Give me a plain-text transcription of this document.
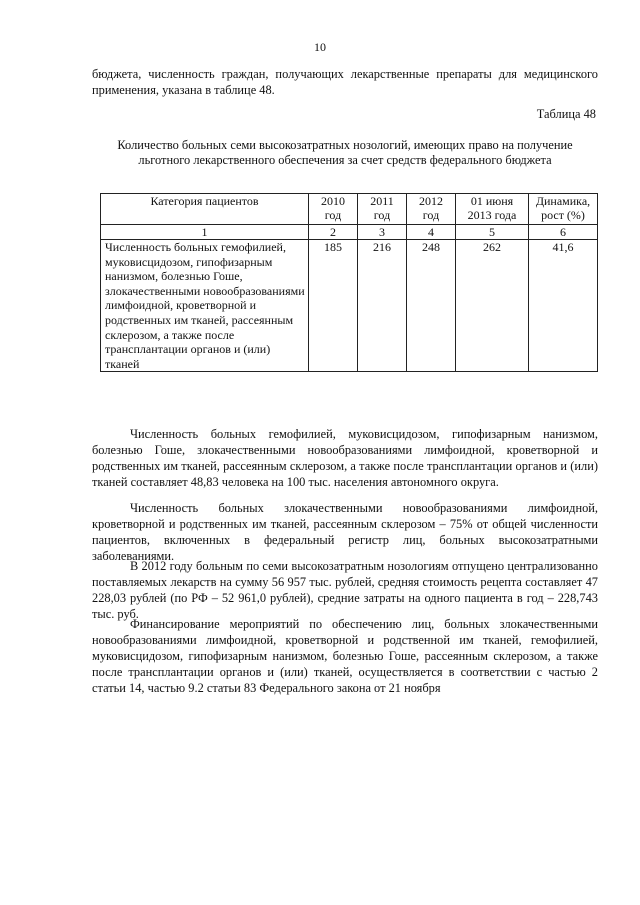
10
бюджета, численность граждан, получающих лекарственные препараты для медицинского применения, указана в таблице 48.
Таблица 48
Количество больных семи высокозатратных нозологий, имеющих право на получение льготного лекарственного обеспечения за счет средств федерального бюджета
Категория пациентов	2010 год	2011 год	2012 год	01 июня 2013 года	Динамика, рост (%)
1	2	3	4	5	6
Численность больных гемофилией, муковисцидозом, гипофизарным нанизмом, болезнью Гоше, злокачественными новообразованиями лимфоидной, кроветворной и родственных им тканей, рассеянным склерозом, а также после трансплантации органов и (или) тканей	185	216	248	262	41,6
Численность больных гемофилией, муковисцидозом, гипофизарным нанизмом, болезнью Гоше, злокачественными новообразованиями лимфоидной, кроветворной и родственных им тканей, рассеянным склерозом, а также после трансплантации органов и (или) тканей составляет 48,83 человека на 100 тыс. населения автономного округа.
Численность больных злокачественными новообразованиями лимфоидной, кроветворной и родственных им тканей, рассеянным склерозом – 75% от общей численности пациентов, включенных в федеральный регистр лиц, больных высокозатратными заболеваниями.
В 2012 году больным по семи высокозатратным нозологиям отпущено централизованно поставляемых лекарств на сумму 56 957 тыс. рублей, средняя стоимость рецепта составляет 47 228,03 рублей (по РФ – 52 961,0 рублей), средние затраты на одного пациента в год – 228,743 тыс. руб.
Финансирование мероприятий по обеспечению лиц, больных злокачественными новообразованиями лимфоидной, кроветворной и родственной им тканей, гемофилией, муковисцидозом, гипофизарным нанизмом, болезнью Гоше, рассеянным склерозом, а также после трансплантации органов и (или) тканей, осуществляется в соответствии с частью 2 статьи 14, частью 9.2 статьи 83 Федерального закона от 21 ноября
